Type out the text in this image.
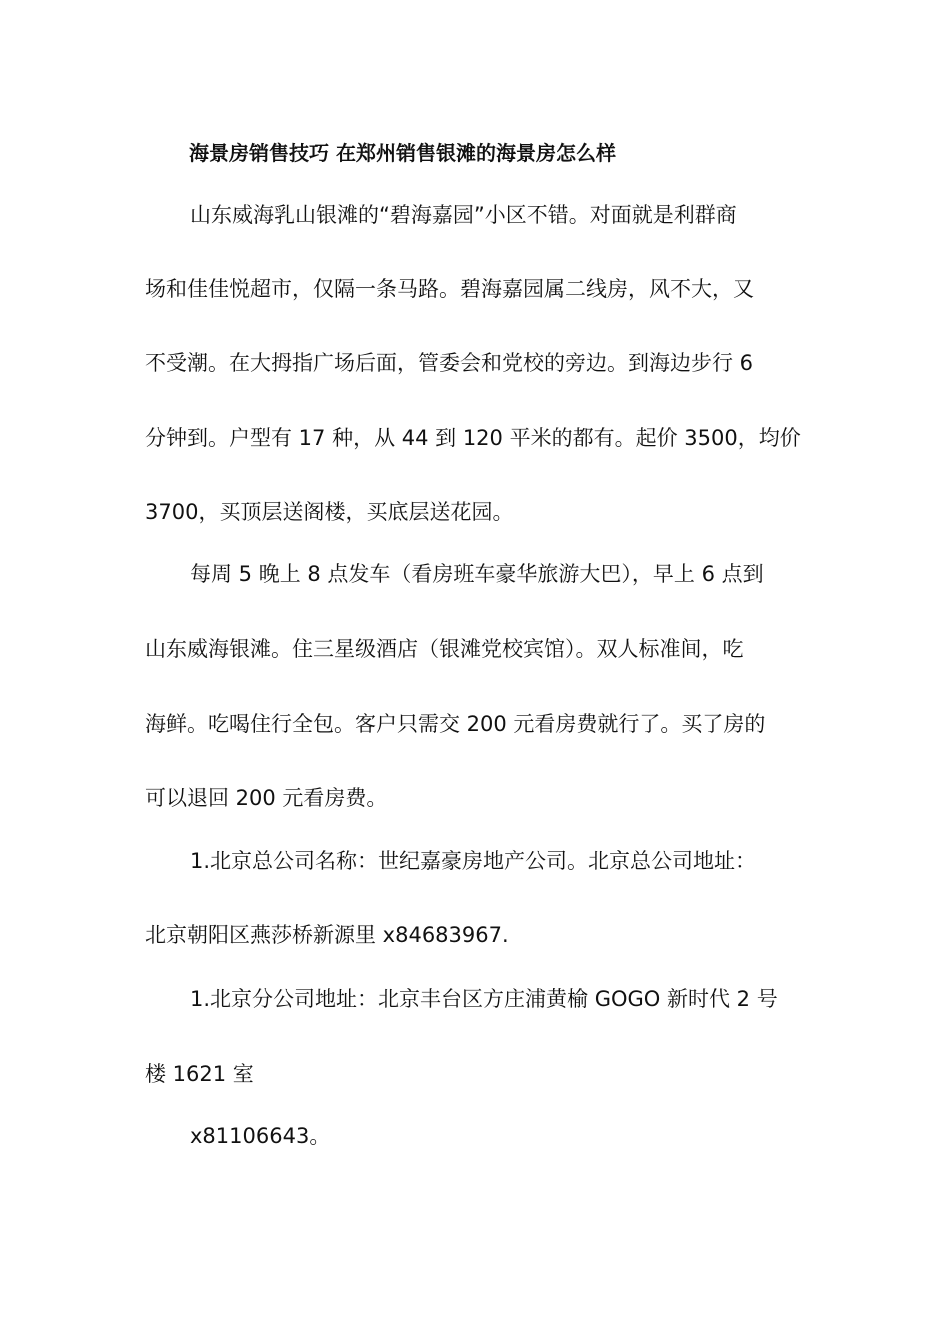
海景房销售技巧 在郑州销售银滩的海景房怎么样
山东威海乳山银滩的“碧海嘉园”小区不错。对面就是利群商
场和佳佳悦超市，仅隔一条马路。碧海嘉园属二线房，风不大，又
不受潮。在大拇指广场后面，管委会和党校的旁边。到海边步行 6
分钟到。户型有 17 种，从 44 到 120 平米的都有。起价 3500，均价
3700，买顶层送阁楼，买底层送花园。
每周 5 晚上 8 点发车（看房班车豪华旅游大巴），早上 6 点到
山东威海银滩。住三星级酒店（银滩党校宾馆）。双人标准间，吃
海鲜。吃喝住行全包。客户只需交 200 元看房费就行了。买了房的
可以退回 200 元看房费。
1.北京总公司名称：世纪嘉豪房地产公司。北京总公司地址：
北京朝阳区燕莎桥新源里 x84683967.
1.北京分公司地址：北京丰台区方庄浦黄榆 GOGO 新时代 2 号
楼 1621 室
x81106643。
